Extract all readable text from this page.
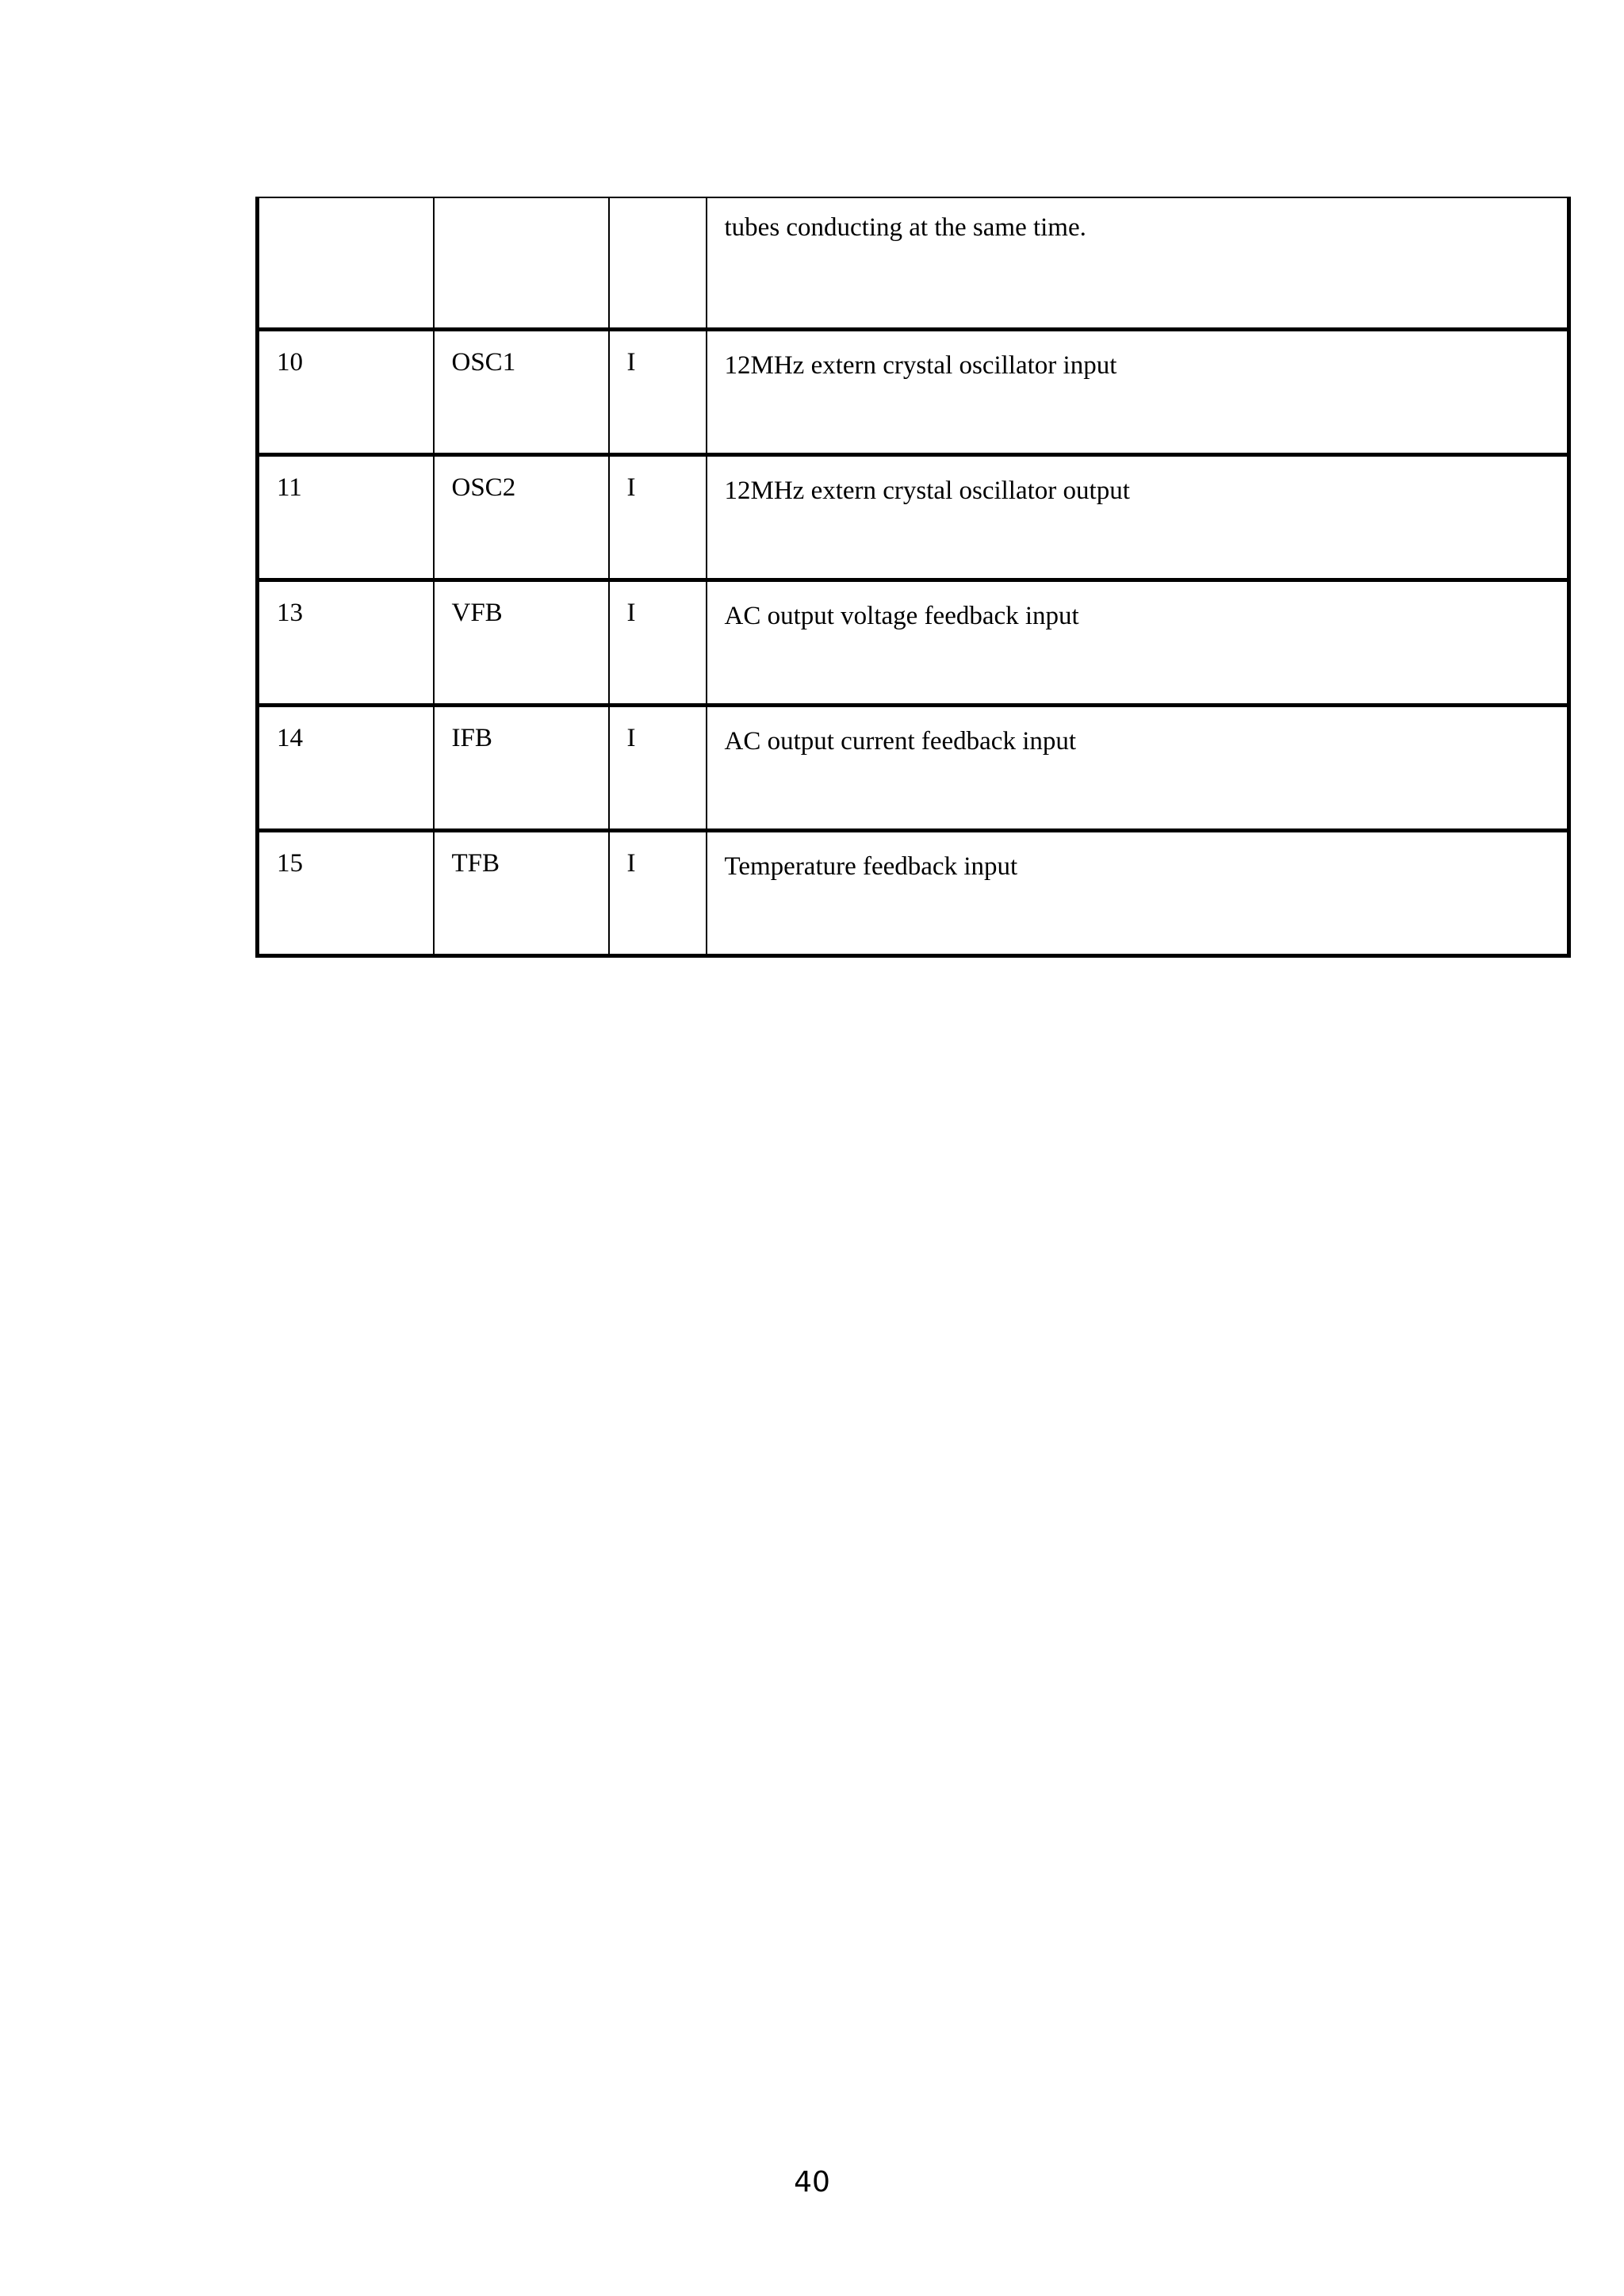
			tubes conducting at the same time.
10	OSC1	I	12MHz extern crystal oscillator input
11	OSC2	I	12MHz extern crystal oscillator output
13	VFB	I	AC output voltage feedback input
14	IFB	I	AC output current feedback input
15	TFB	I	Temperature feedback input
40
